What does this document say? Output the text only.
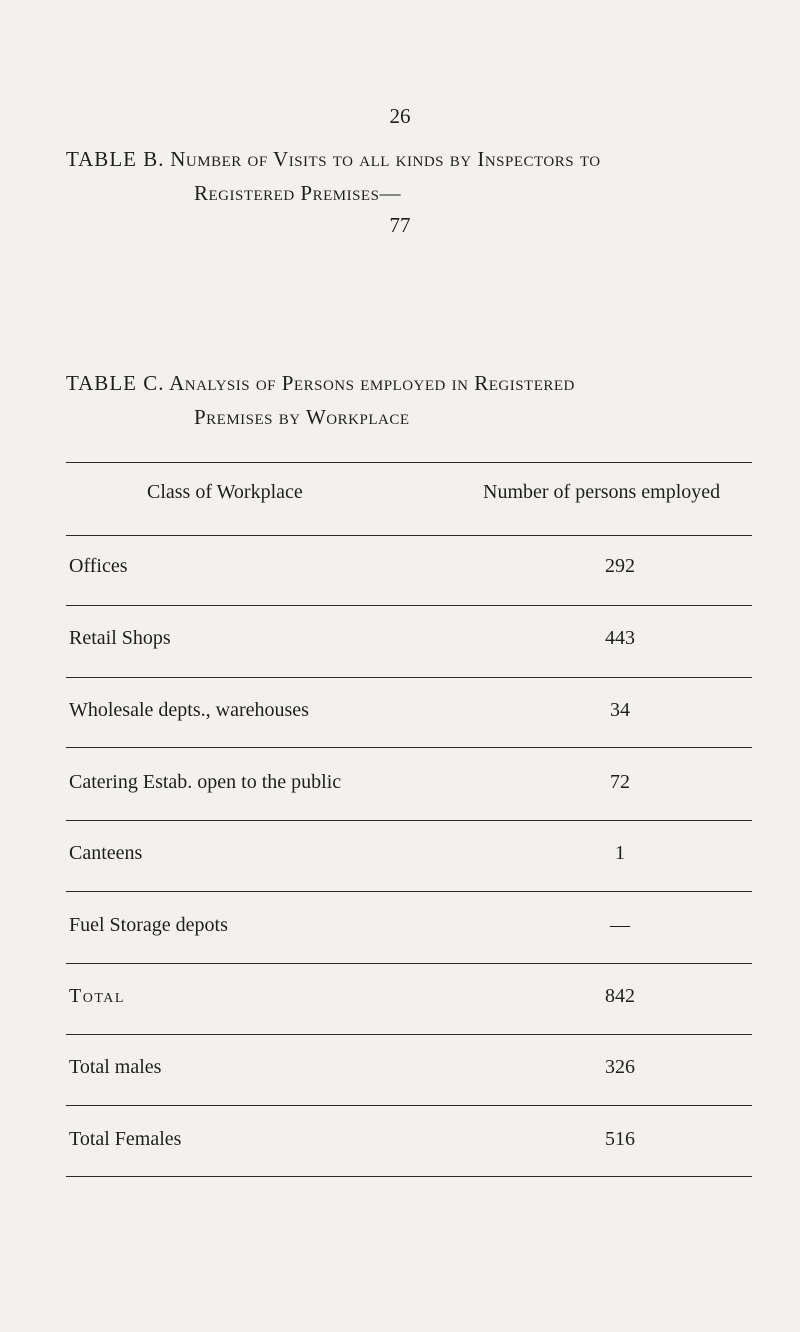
26
TABLE B. Number of Visits to all kinds by Inspectors to
Registered Premises—
77
TABLE C. Analysis of Persons employed in Registered
Premises by Workplace
Class of Workplace	Number of persons employed
Offices	292
Retail Shops	443
Wholesale depts., warehouses	34
Catering Estab. open to the public	72
Canteens	1
Fuel Storage depots	—
Total	842
Total males	326
Total Females	516
